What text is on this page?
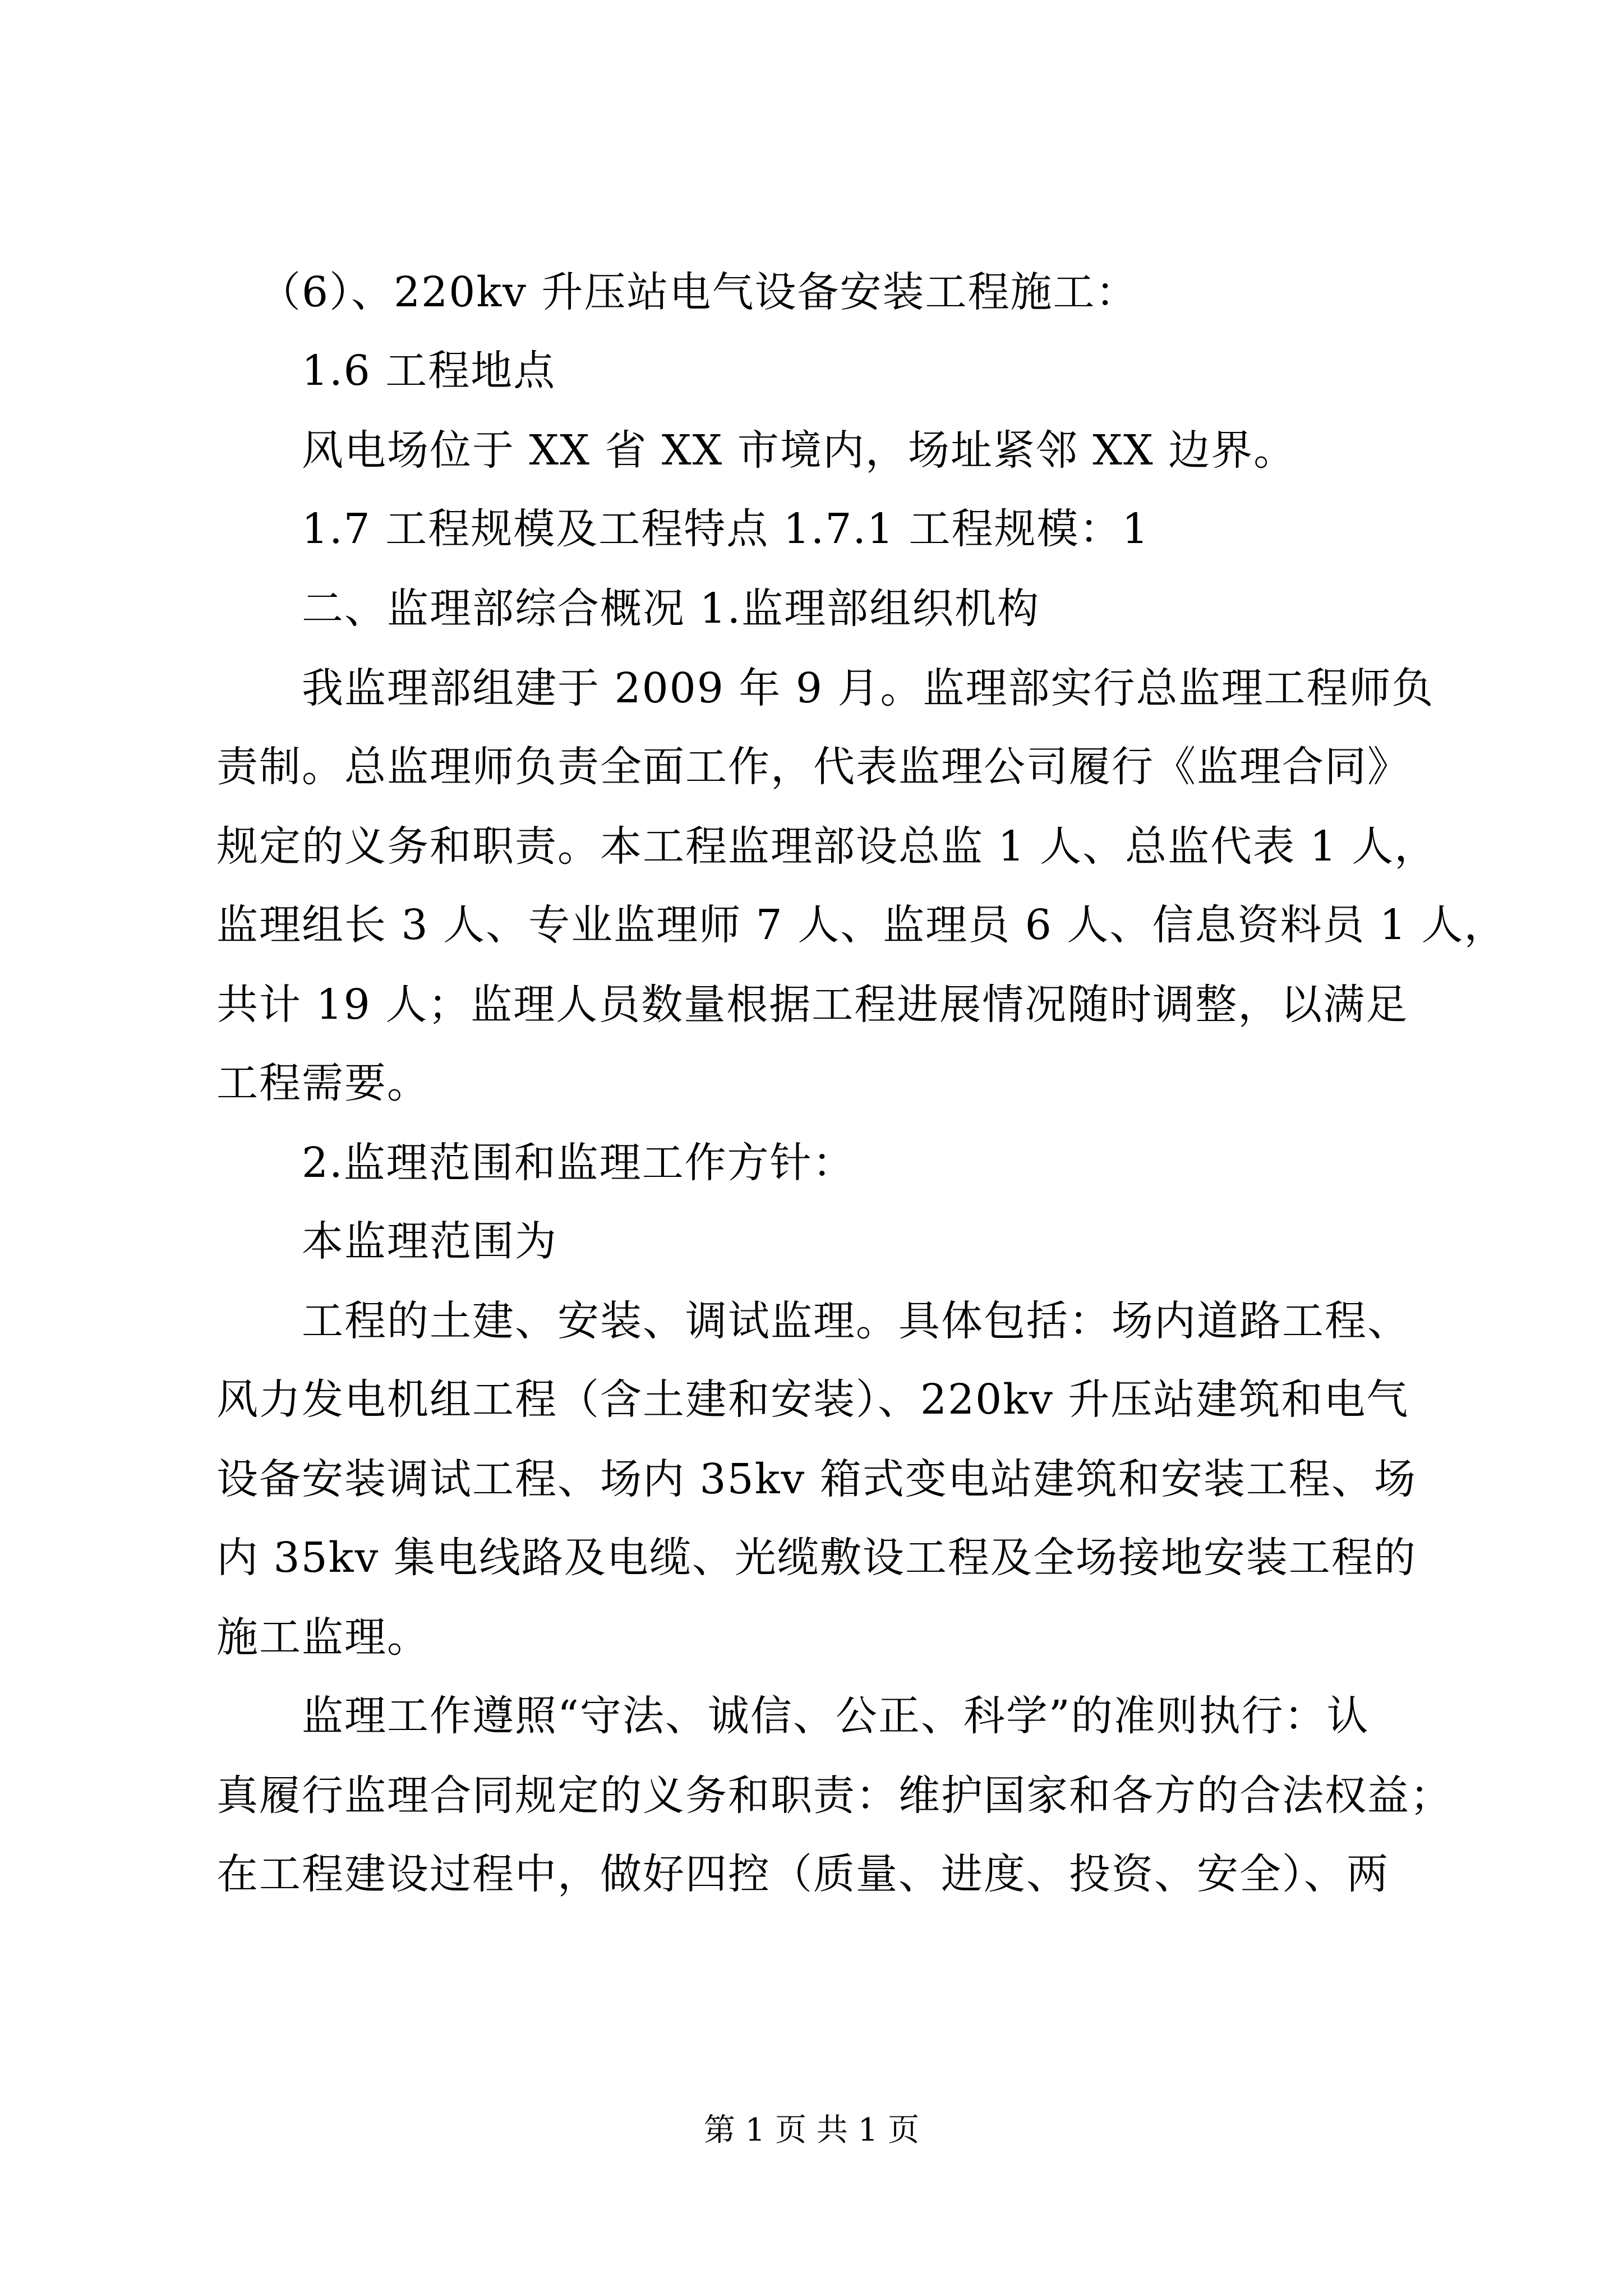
（6）、220kv 升压站电气设备安装工程施工：
1.6 工程地点
风电场位于 XX 省 XX 市境内，场址紧邻 XX 边界。
1.7 工程规模及工程特点 1.7.1 工程规模：1
二、监理部综合概况 1.监理部组织机构
我监理部组建于 2009 年 9 月。监理部实行总监理工程师负
责制。总监理师负责全面工作，代表监理公司履行《监理合同》
规定的义务和职责。本工程监理部设总监 1 人、总监代表 1 人，
监理组长 3 人、专业监理师 7 人、监理员 6 人、信息资料员 1 人，
共计 19 人；监理人员数量根据工程进展情况随时调整，以满足
工程需要。
2.监理范围和监理工作方针：
本监理范围为
工程的土建、安装、调试监理。具体包括：场内道路工程、
风力发电机组工程（含土建和安装）、220kv 升压站建筑和电气
设备安装调试工程、场内 35kv 箱式变电站建筑和安装工程、场
内 35kv 集电线路及电缆、光缆敷设工程及全场接地安装工程的
施工监理。
监理工作遵照“守法、诚信、公正、科学”的准则执行：认
真履行监理合同规定的义务和职责：维护国家和各方的合法权益；
在工程建设过程中，做好四控（质量、进度、投资、安全）、两
第 1 页 共 1 页
